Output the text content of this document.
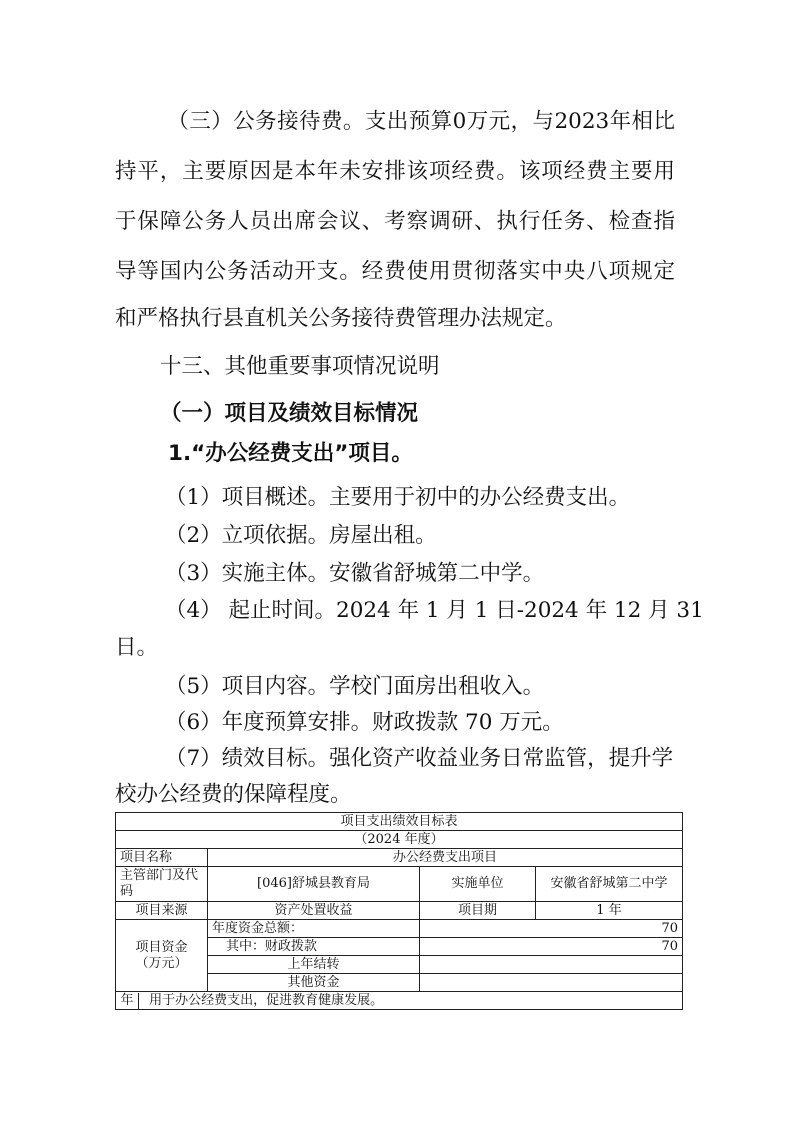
（三）公务接待费。支出预算0万元，与2023年相比
持平，主要原因是本年未安排该项经费。该项经费主要用
于保障公务人员出席会议、考察调研、执行任务、检查指
导等国内公务活动开支。经费使用贯彻落实中央八项规定
和严格执行县直机关公务接待费管理办法规定。
十三、其他重要事项情况说明
（一）项目及绩效目标情况
1.“办公经费支出”项目。
（1）项目概述。主要用于初中的办公经费支出。
（2）立项依据。房屋出租。
（3）实施主体。安徽省舒城第二中学。
（4） 起止时间。2024 年 1 月 1 日-2024 年 12 月 31
日。
（5）项目内容。学校门面房出租收入。
（6）年度预算安排。财政拨款 70 万元。
（7）绩效目标。强化资产收益业务日常监管，提升学
校办公经费的保障程度。
项目支出绩效目标表			
（2024 年度）			
项目名称	办公经费支出项目		
主管部门及代码	[046]舒城县教育局	实施单位	安徽省舒城第二中学
项目来源	资产处置收益	项目期	1 年
项目资金（万元）	年度资金总额：	70	
	其中：财政拨款	70	
	上年结转		
	其他资金		
年 用于办公经费支出，促进教育健康发展。			
